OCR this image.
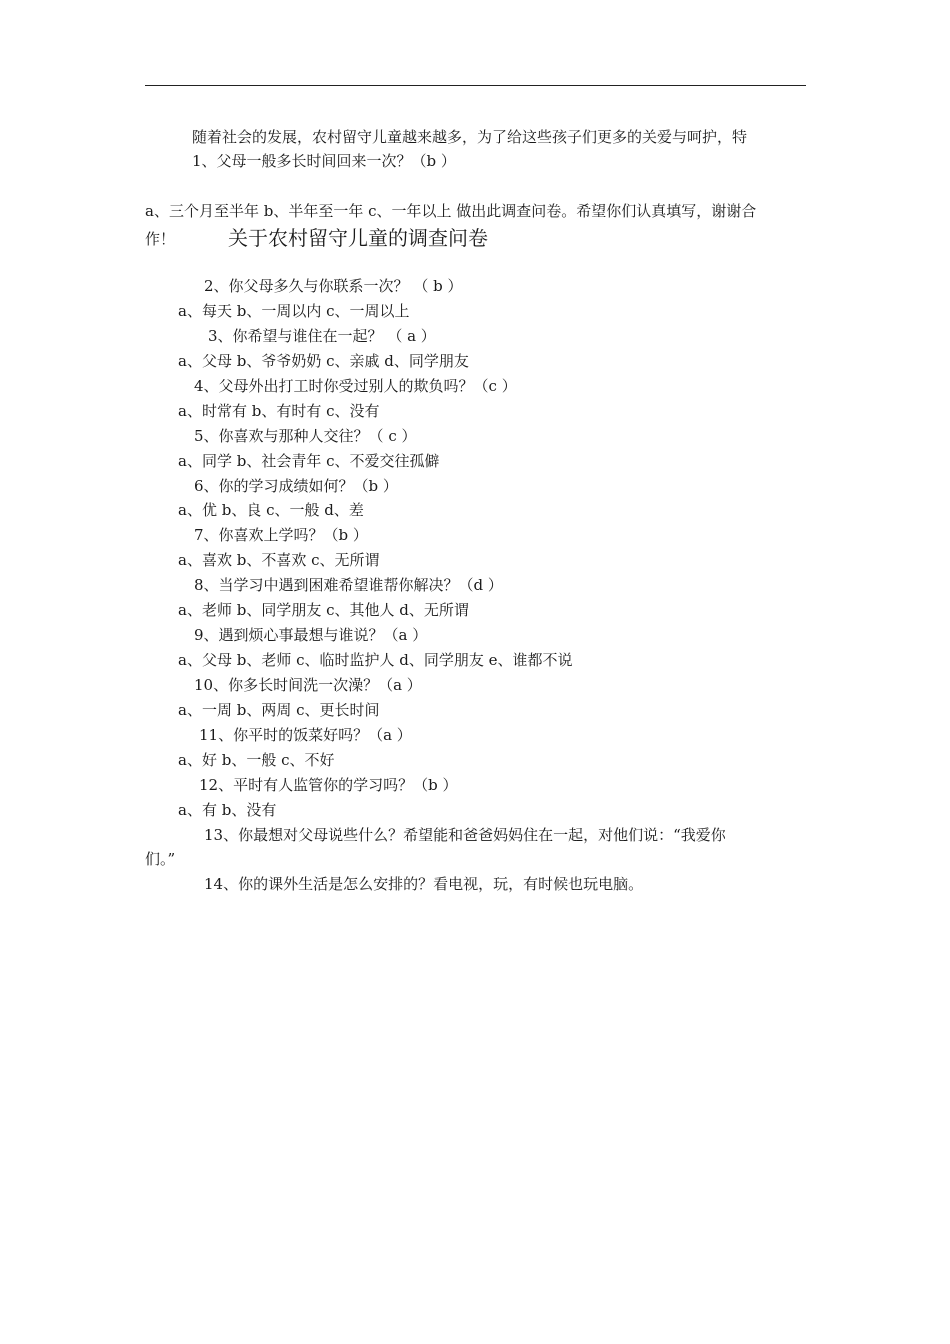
随着社会的发展，农村留守儿童越来越多，为了给这些孩子们更多的关爱与呵护，特
1、父母一般多长时间回来一次？（b ）
a、三个月至半年 b、半年至一年 c、一年以上 做出此调查问卷。希望你们认真填写，谢谢合
作！	关于农村留守儿童的调查问卷
2、你父母多久与你联系一次？ （ b ）
a、每天 b、一周以内 c、一周以上
3、你希望与谁住在一起？ （ a ）
a、父母 b、爷爷奶奶 c、亲戚 d、同学朋友
4、父母外出打工时你受过别人的欺负吗？（c ）
a、时常有 b、有时有 c、没有
5、你喜欢与那种人交往？（ c ）
a、同学 b、社会青年 c、不爱交往孤僻
6、你的学习成绩如何？（b ）
a、优 b、良 c、一般 d、差
7、你喜欢上学吗？（b ）
a、喜欢 b、不喜欢 c、无所谓
8、当学习中遇到困难希望谁帮你解决？（d ）
a、老师 b、同学朋友 c、其他人 d、无所谓
9、遇到烦心事最想与谁说？（a ）
a、父母 b、老师 c、临时监护人 d、同学朋友 e、谁都不说
10、你多长时间洗一次澡？（a ）
a、一周 b、两周 c、更长时间
11、你平时的饭菜好吗？（a ）
a、好 b、一般 c、不好
12、平时有人监管你的学习吗？（b ）
a、有 b、没有
13、你最想对父母说些什么？希望能和爸爸妈妈住在一起，对他们说：“我爱你
们。”
14、你的课外生活是怎么安排的？看电视，玩，有时候也玩电脑。
